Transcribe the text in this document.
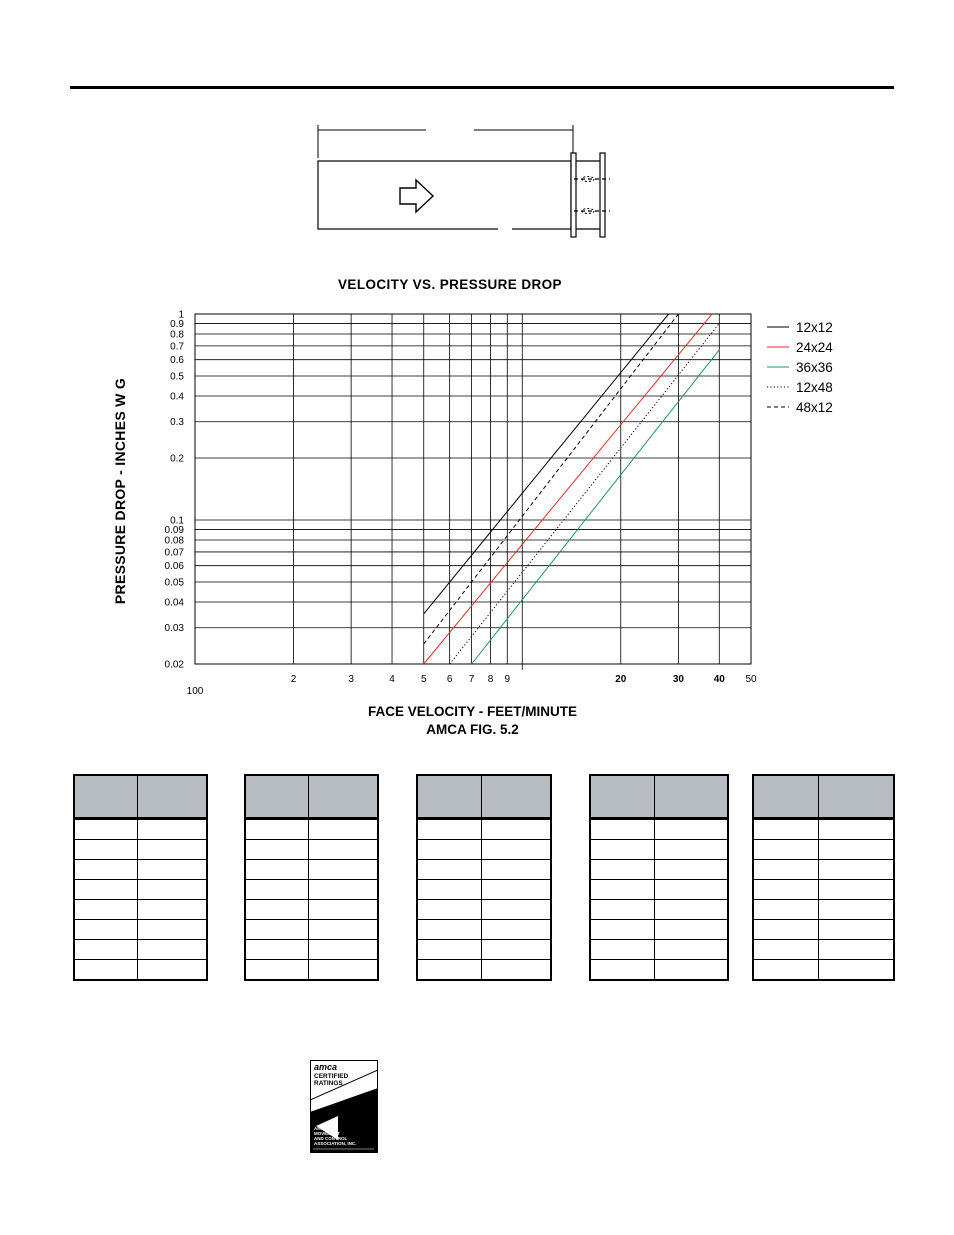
VELOCITY VS. PRESSURE DROP
PRESSURE DROP - INCHES W G
100
2	3	4	5 6 7 8 9	20	30	40 50
1
0.9
0.8
0.7
0.6
0.5
0.4
0.3
0.2
0.1
0.09
0.08
0.07
0.06
0.05
0.04
0.03
0.02
12x12
24x24
36x36
12x48
48x12
FACE VELOCITY - FEET/MINUTE
AMCA FIG. 5.2

amca
CERTIFIED
RATINGS
AIR
PERFORMANCE
AIR
MOVEMENT
AND CONTROL
ASSOCIATION, INC.
